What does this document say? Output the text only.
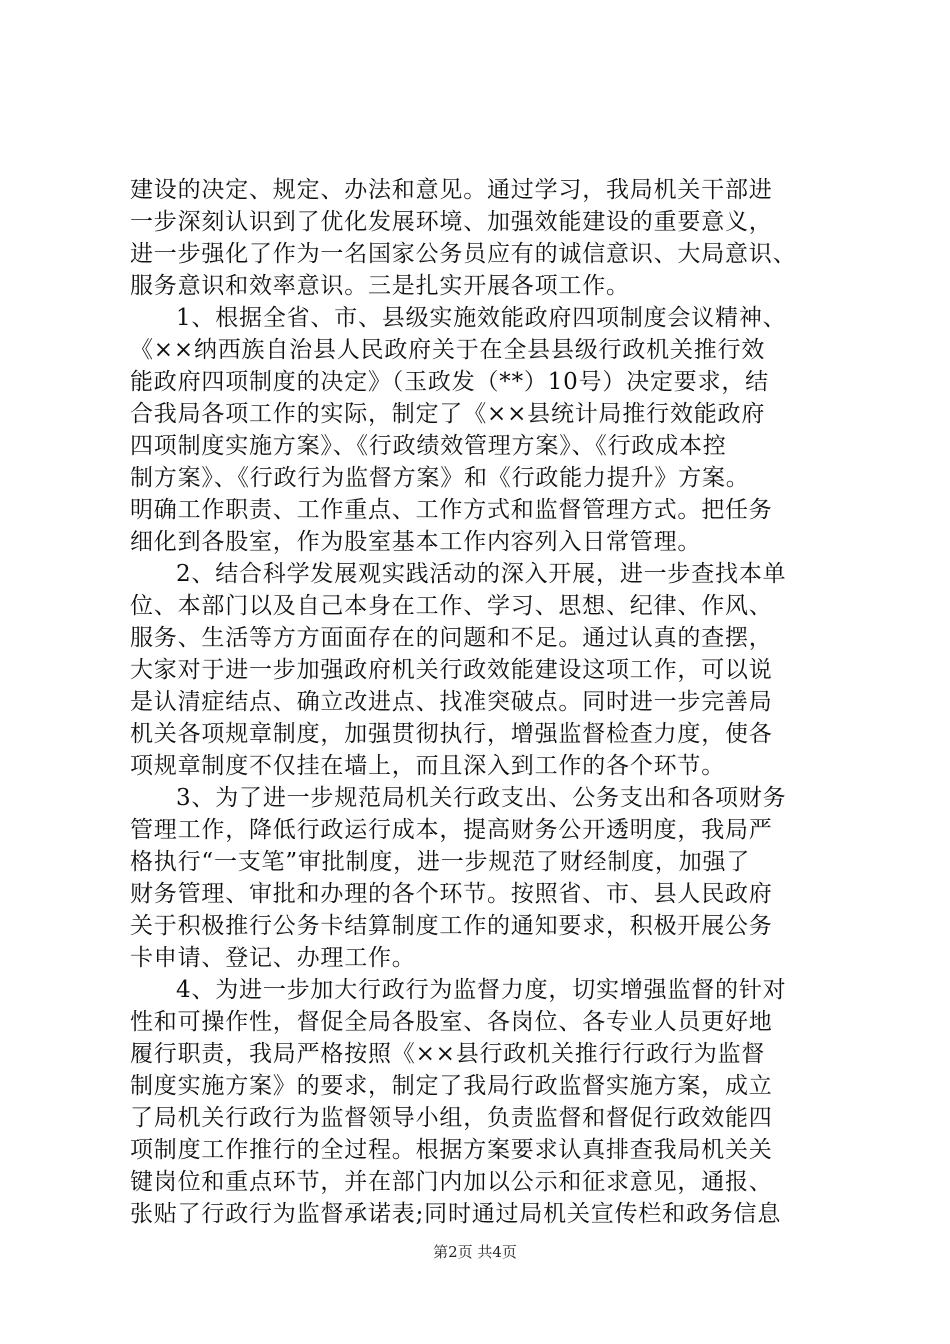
建设的决定、规定、办法和意见。通过学习，我局机关干部进
一步深刻认识到了优化发展环境、加强效能建设的重要意义，
进一步强化了作为一名国家公务员应有的诚信意识、大局意识、
服务意识和效率意识。三是扎实开展各项工作。
1、根据全省、市、县级实施效能政府四项制度会议精神、
《××纳西族自治县人民政府关于在全县县级行政机关推行效
能政府四项制度的决定》（玉政发（**）10号）决定要求，结
合我局各项工作的实际，制定了《××县统计局推行效能政府
四项制度实施方案》、《行政绩效管理方案》、《行政成本控
制方案》、《行政行为监督方案》和《行政能力提升》方案。
明确工作职责、工作重点、工作方式和监督管理方式。把任务
细化到各股室，作为股室基本工作内容列入日常管理。
2、结合科学发展观实践活动的深入开展，进一步查找本单
位、本部门以及自己本身在工作、学习、思想、纪律、作风、
服务、生活等方方面面存在的问题和不足。通过认真的查摆，
大家对于进一步加强政府机关行政效能建设这项工作，可以说
是认清症结点、确立改进点、找准突破点。同时进一步完善局
机关各项规章制度，加强贯彻执行，增强监督检查力度，使各
项规章制度不仅挂在墙上，而且深入到工作的各个环节。
3、为了进一步规范局机关行政支出、公务支出和各项财务
管理工作，降低行政运行成本，提高财务公开透明度，我局严
格执行“一支笔”审批制度，进一步规范了财经制度，加强了
财务管理、审批和办理的各个环节。按照省、市、县人民政府
关于积极推行公务卡结算制度工作的通知要求，积极开展公务
卡申请、登记、办理工作。
4、为进一步加大行政行为监督力度，切实增强监督的针对
性和可操作性，督促全局各股室、各岗位、各专业人员更好地
履行职责，我局严格按照《××县行政机关推行行政行为监督
制度实施方案》的要求，制定了我局行政监督实施方案，成立
了局机关行政行为监督领导小组，负责监督和督促行政效能四
项制度工作推行的全过程。根据方案要求认真排查我局机关关
键岗位和重点环节，并在部门内加以公示和征求意见，通报、
张贴了行政行为监督承诺表;同时通过局机关宣传栏和政务信息
第2页 共4页
